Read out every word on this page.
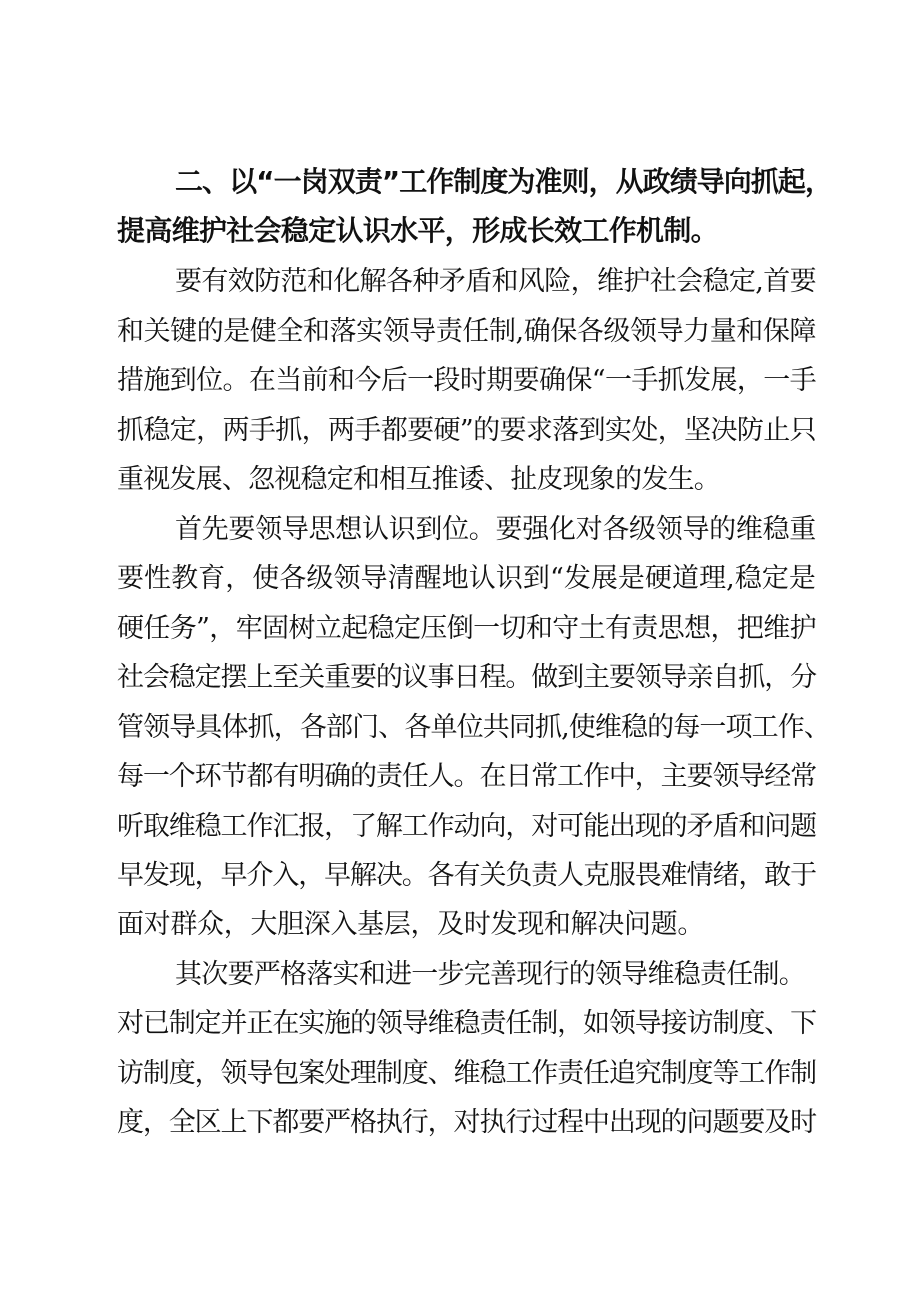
二、以“一岗双责”工作制度为准则，从政绩导向抓起，
提高维护社会稳定认识水平，形成长效工作机制。
要有效防范和化解各种矛盾和风险，维护社会稳定,首要
和关键的是健全和落实领导责任制,确保各级领导力量和保障
措施到位。在当前和今后一段时期要确保“一手抓发展，一手
抓稳定，两手抓，两手都要硬”的要求落到实处，坚决防止只
重视发展、忽视稳定和相互推诿、扯皮现象的发生。
首先要领导思想认识到位。要强化对各级领导的维稳重
要性教育，使各级领导清醒地认识到“发展是硬道理,稳定是
硬任务”，牢固树立起稳定压倒一切和守土有责思想，把维护
社会稳定摆上至关重要的议事日程。做到主要领导亲自抓，分
管领导具体抓，各部门、各单位共同抓,使维稳的每一项工作、
每一个环节都有明确的责任人。在日常工作中，主要领导经常
听取维稳工作汇报，了解工作动向，对可能出现的矛盾和问题
早发现，早介入，早解决。各有关负责人克服畏难情绪，敢于
面对群众，大胆深入基层，及时发现和解决问题。
其次要严格落实和进一步完善现行的领导维稳责任制。
对已制定并正在实施的领导维稳责任制，如领导接访制度、下
访制度，领导包案处理制度、维稳工作责任追究制度等工作制
度，全区上下都要严格执行，对执行过程中出现的问题要及时
